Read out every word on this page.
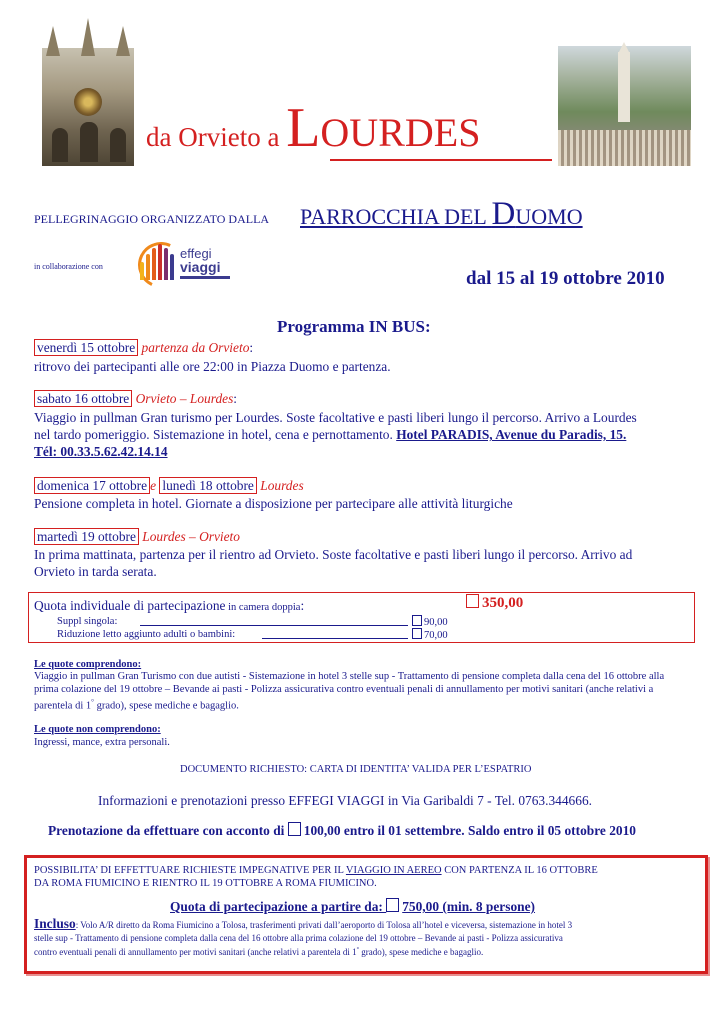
da Orvieto a LOURDES
PELLEGRINAGGIO ORGANIZZATO DALLA PARROCCHIA DEL DUOMO
in collaborazione con
effegi
viaggi
dal 15 al 19 ottobre 2010
Programma IN BUS:
venerdì 15 ottobre partenza da Orvieto:
ritrovo dei partecipanti alle ore 22:00 in Piazza Duomo e partenza.
sabato 16 ottobre Orvieto – Lourdes:
Viaggio in pullman Gran turismo per Lourdes. Soste facoltative e pasti liberi lungo il percorso. Arrivo a Lourdes
nel tardo pomeriggio. Sistemazione in hotel, cena e pernottamento. Hotel PARADIS, Avenue du Paradis, 15.
Tél: 00.33.5.62.42.14.14
domenica 17 ottobre e lunedì 18 ottobre Lourdes
Pensione completa in hotel. Giornate a disposizione per partecipare alle attività liturgiche
martedì 19 ottobre Lourdes – Orvieto
In prima mattinata, partenza per il rientro ad Orvieto. Soste facoltative e pasti liberi lungo il percorso. Arrivo ad
Orvieto in tarda serata.
Quota individuale di partecipazione in camera doppia:	350,00
Suppl singola:	90,00
Riduzione letto aggiunto adulti o bambini:	70,00
Le quote comprendono:
Viaggio in pullman Gran Turismo con due autisti - Sistemazione in hotel 3 stelle sup - Trattamento di pensione completa dalla cena del 16 ottobre alla
prima colazione del 19 ottobre – Bevande ai pasti - Polizza assicurativa contro eventuali penali di annullamento per motivi sanitari (anche relativi a
parentela di 1° grado), spese mediche e bagaglio.
Le quote non comprendono:
Ingressi, mance, extra personali.
DOCUMENTO RICHIESTO: CARTA DI IDENTITA’ VALIDA PER L’ESPATRIO
Informazioni e prenotazioni presso EFFEGI VIAGGI in Via Garibaldi 7 - Tel. 0763.344666.
Prenotazione da effettuare con acconto di 100,00 entro il 01 settembre. Saldo entro il 05 ottobre 2010
POSSIBILITA’ DI EFFETTUARE RICHIESTE IMPEGNATIVE PER IL VIAGGIO IN AEREO CON PARTENZA IL 16 OTTOBRE
DA ROMA FIUMICINO E RIENTRO IL 19 OTTOBRE A ROMA FIUMICINO.
Quota di partecipazione a partire da: 750,00 (min. 8 persone)
Incluso: Volo A/R diretto da Roma Fiumicino a Tolosa, trasferimenti privati dall’aeroporto di Tolosa all’hotel e viceversa, sistemazione in hotel 3
stelle sup - Trattamento di pensione completa dalla cena del 16 ottobre alla prima colazione del 19 ottobre – Bevande ai pasti - Polizza assicurativa
contro eventuali penali di annullamento per motivi sanitari (anche relativi a parentela di 1° grado), spese mediche e bagaglio.
